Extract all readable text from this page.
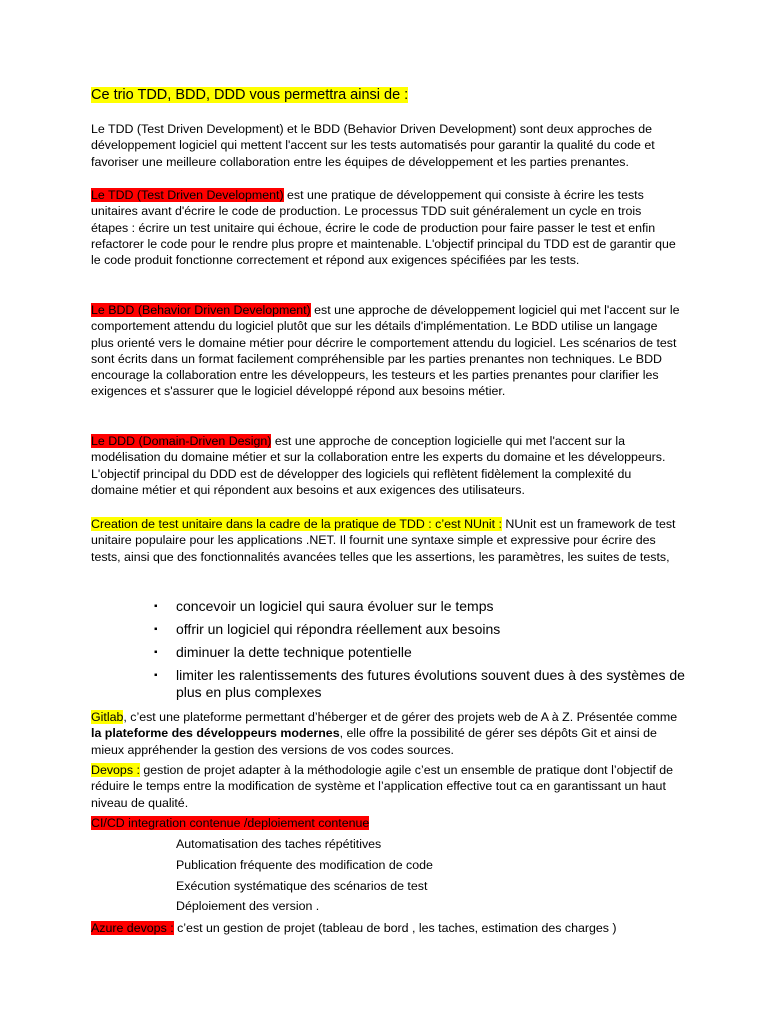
Ce trio TDD, BDD, DDD vous permettra ainsi de :

Le TDD (Test Driven Development) et le BDD (Behavior Driven Development) sont deux approches de développement logiciel qui mettent l'accent sur les tests automatisés pour garantir la qualité du code et favoriser une meilleure collaboration entre les équipes de développement et les parties prenantes.

Le TDD (Test Driven Development) est une pratique de développement qui consiste à écrire les tests unitaires avant d'écrire le code de production. Le processus TDD suit généralement un cycle en trois étapes : écrire un test unitaire qui échoue, écrire le code de production pour faire passer le test et enfin refactorer le code pour le rendre plus propre et maintenable. L'objectif principal du TDD est de garantir que le code produit fonctionne correctement et répond aux exigences spécifiées par les tests.

Le BDD (Behavior Driven Development) est une approche de développement logiciel qui met l'accent sur le comportement attendu du logiciel plutôt que sur les détails d'implémentation. Le BDD utilise un langage plus orienté vers le domaine métier pour décrire le comportement attendu du logiciel. Les scénarios de test sont écrits dans un format facilement compréhensible par les parties prenantes non techniques. Le BDD encourage la collaboration entre les développeurs, les testeurs et les parties prenantes pour clarifier les exigences et s'assurer que le logiciel développé répond aux besoins métier.

Le DDD (Domain-Driven Design) est une approche de conception logicielle qui met l'accent sur la modélisation du domaine métier et sur la collaboration entre les experts du domaine et les développeurs. L'objectif principal du DDD est de développer des logiciels qui reflètent fidèlement la complexité du domaine métier et qui répondent aux besoins et aux exigences des utilisateurs.

Creation de test unitaire dans la cadre de la pratique de TDD : c’est NUnit : NUnit est un framework de test unitaire populaire pour les applications .NET. Il fournit une syntaxe simple et expressive pour écrire des tests, ainsi que des fonctionnalités avancées telles que les assertions, les paramètres, les suites de tests,

▪ concevoir un logiciel qui saura évoluer sur le temps
▪ offrir un logiciel qui répondra réellement aux besoins
▪ diminuer la dette technique potentielle
▪ limiter les ralentissements des futures évolutions souvent dues à des systèmes de plus en plus complexes

Gitlab, c’est une plateforme permettant d’héberger et de gérer des projets web de A à Z. Présentée comme la plateforme des développeurs modernes, elle offre la possibilité de gérer ses dépôts Git et ainsi de mieux appréhender la gestion des versions de vos codes sources.

Devops : gestion de projet adapter à la méthodologie agile c’est un ensemble de pratique dont l’objectif de réduire le temps entre la modification de système et l’application effective tout ca en garantissant un haut niveau de qualité.

CI/CD integration contenue /deploiement contenue

Automatisation des taches répétitives
Publication fréquente des modification de code
Exécution systématique des scénarios de test
Déploiement des version .

Azure devops : c’est un gestion de projet (tableau de bord , les taches, estimation des charges )
